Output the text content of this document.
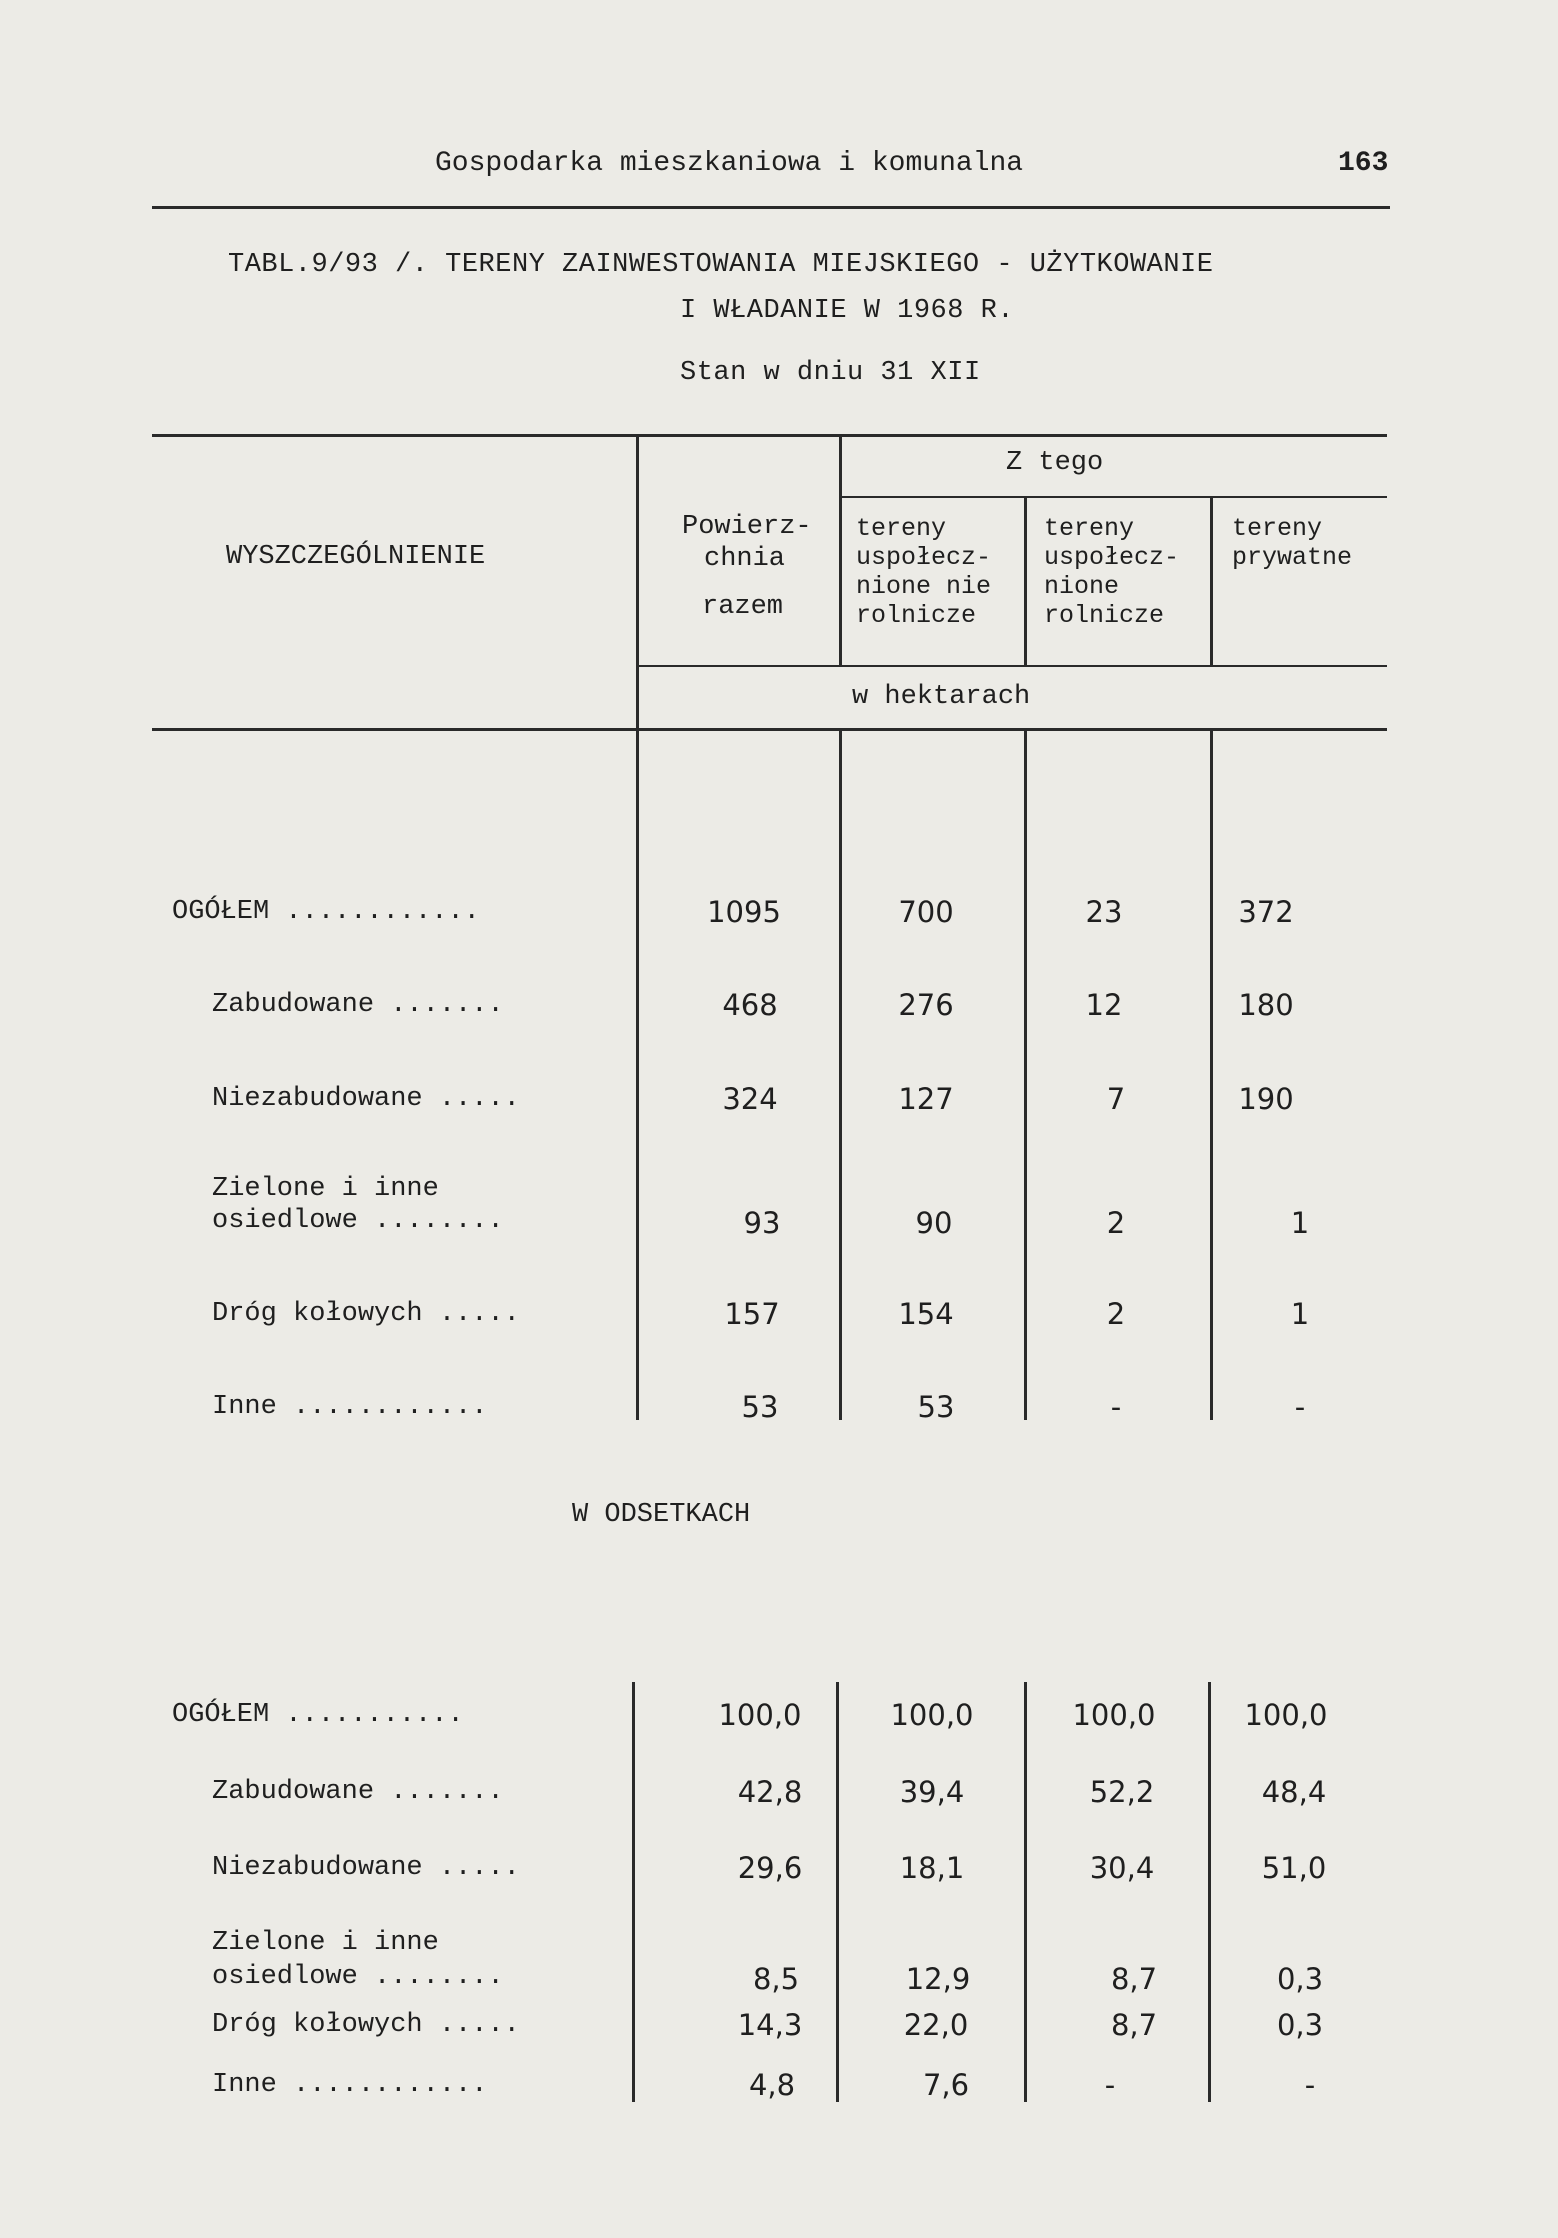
Gospodarka mieszkaniowa i komunalna	163
TABL.9/93 /. TERENY ZAINWESTOWANIA MIEJSKIEGO - UŻYTKOWANIE
I WŁADANIE W 1968 R.
Stan w dniu 31 XII
WYSZCZEGÓLNIENIE
Powierz-
chnia
razem
Z tego
tereny
uspołecz-
nione nie
rolnicze
tereny
uspołecz-
nione
rolnicze
tereny
prywatne
w hektarach
OGÓŁEM ............	1095	700	23	372
Zabudowane .......	468	276	12	180
Niezabudowane .....	324	127	7	190
Zielone i inne
osiedlowe ........	93	90	2	1
Dróg kołowych .....	157	154	2	1
Inne ............	53	53	-	-
W ODSETKACH
OGÓŁEM ...........	100,0	100,0	100,0	100,0
Zabudowane .......	42,8	39,4	52,2	48,4
Niezabudowane .....	29,6	18,1	30,4	51,0
Zielone i inne
osiedlowe ........	8,5	12,9	8,7	0,3
Dróg kołowych .....	14,3	22,0	8,7	0,3
Inne ............	4,8	7,6	-	-
